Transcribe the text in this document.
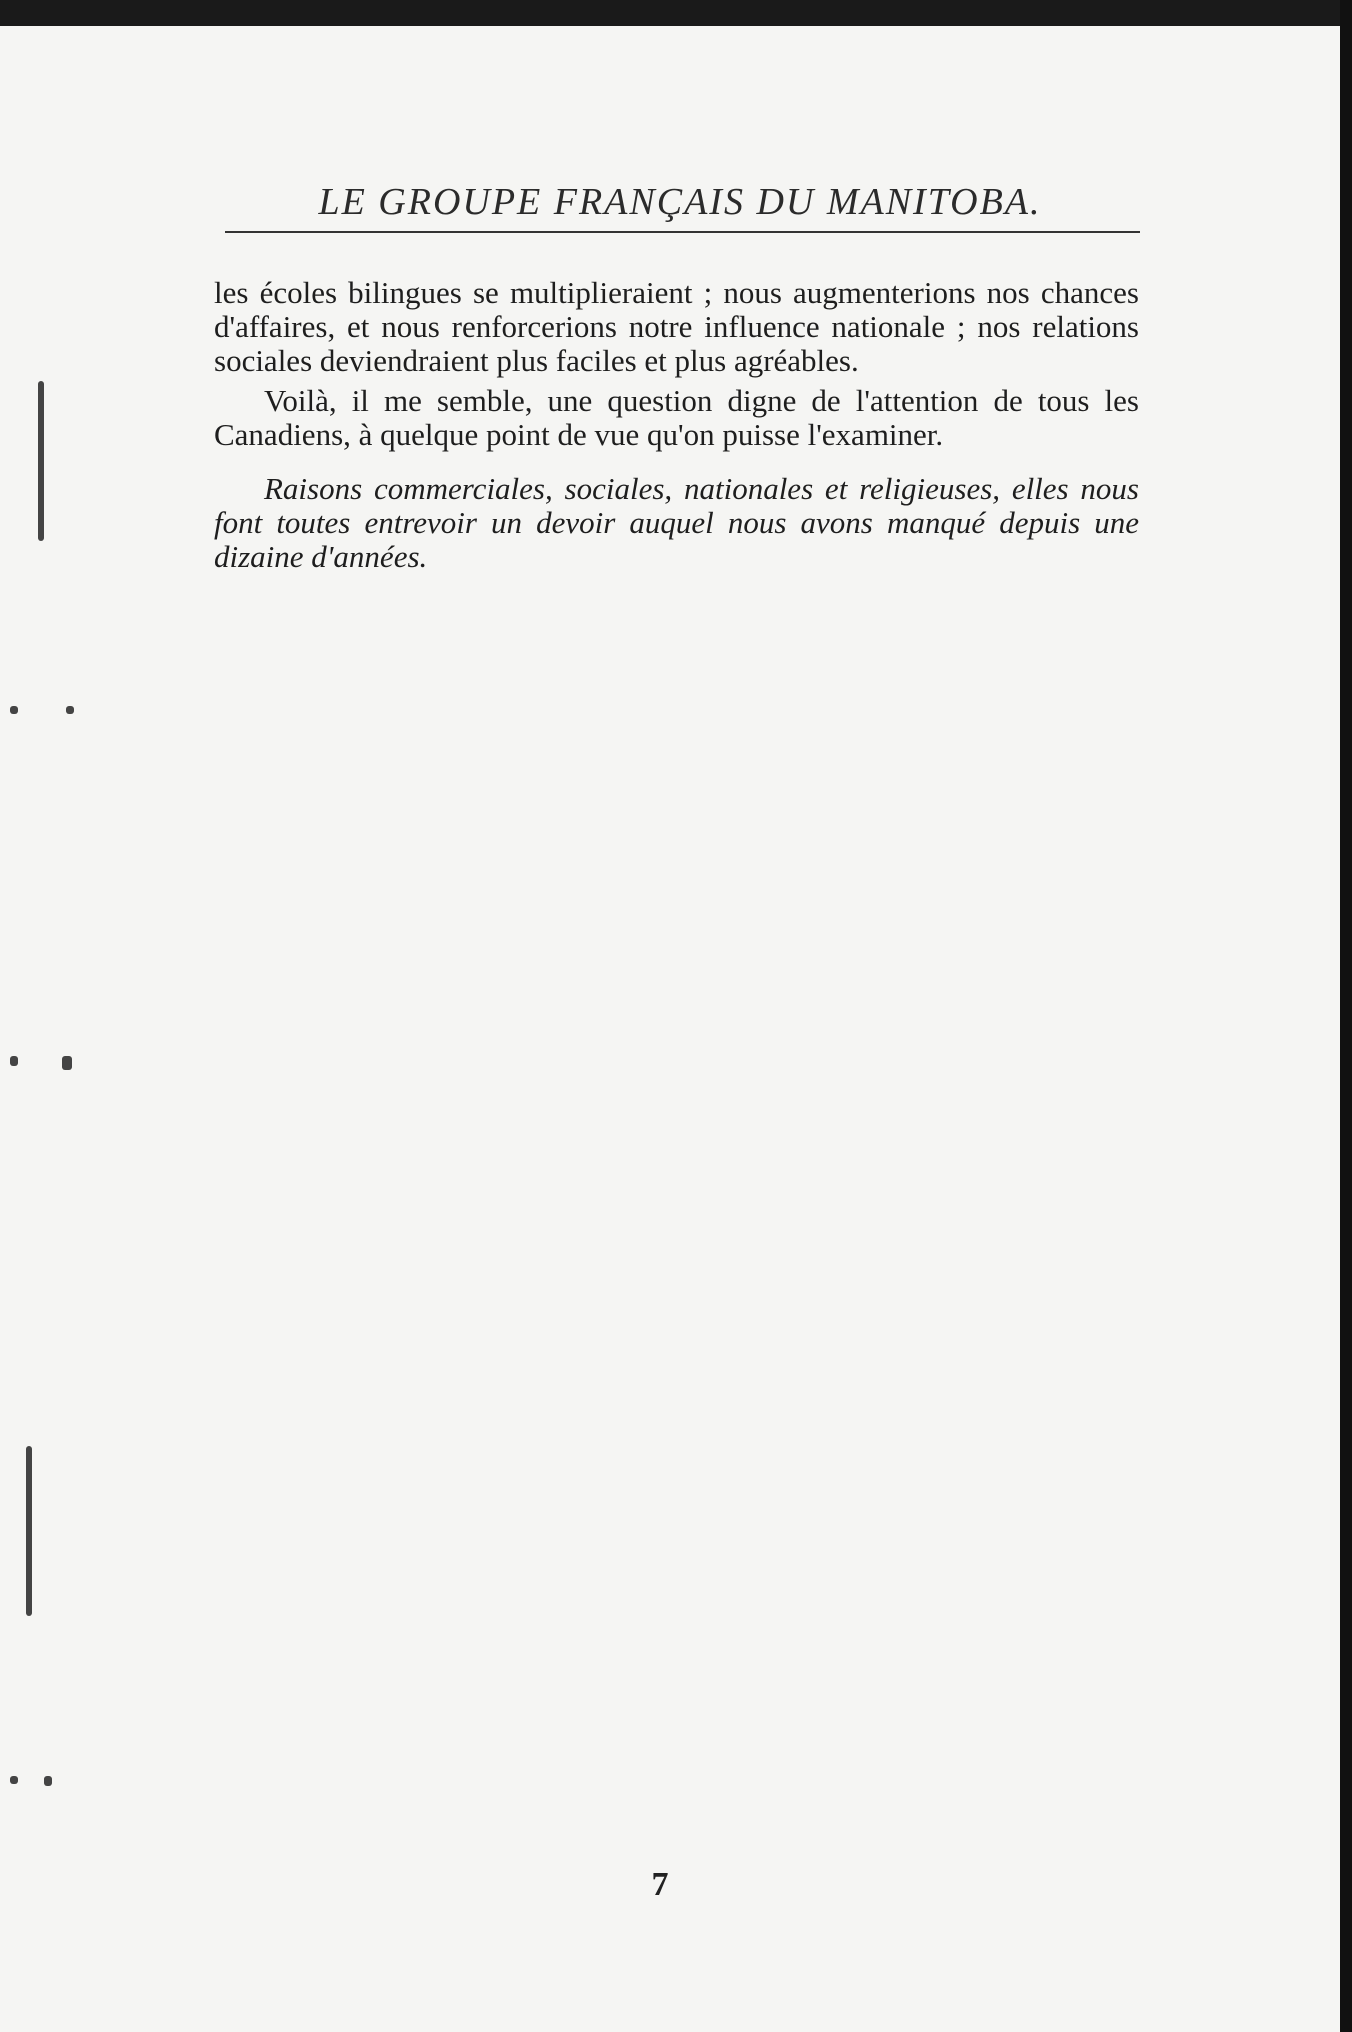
LE GROUPE FRANÇAIS DU MANITOBA.

les écoles bilingues se multiplieraient ; nous augmenterions nos chances d'affaires, et nous renforcerions notre influence nationale ; nos relations sociales deviendraient plus faciles et plus agréables.

Voilà, il me semble, une question digne de l'attention de tous les Canadiens, à quelque point de vue qu'on puisse l'examiner.

Raisons commerciales, sociales, nationales et religieuses, elles nous font toutes entrevoir un devoir auquel nous avons manqué depuis une dizaine d'années.

7
